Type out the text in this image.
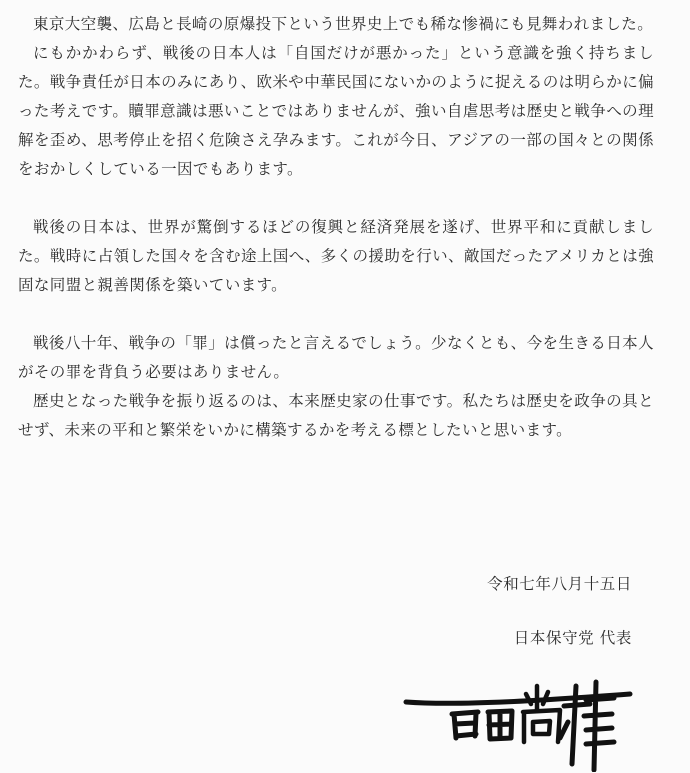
東京大空襲、広島と長崎の原爆投下という世界史上でも稀な惨禍にも見舞われました。

にもかかわらず、戦後の日本人は「自国だけが悪かった」という意識を強く持ちました。戦争責任が日本のみにあり、欧米や中華民国にないかのように捉えるのは明らかに偏った考えです。贖罪意識は悪いことではありませんが、強い自虐思考は歴史と戦争への理解を歪め、思考停止を招く危険さえ孕みます。これが今日、アジアの一部の国々との関係をおかしくしている一因でもあります。

戦後の日本は、世界が驚倒するほどの復興と経済発展を遂げ、世界平和に貢献しました。戦時に占領した国々を含む途上国へ、多くの援助を行い、敵国だったアメリカとは強固な同盟と親善関係を築いています。

戦後八十年、戦争の「罪」は償ったと言えるでしょう。少なくとも、今を生きる日本人がその罪を背負う必要はありません。

歴史となった戦争を振り返るのは、本来歴史家の仕事です。私たちは歴史を政争の具とせず、未来の平和と繁栄をいかに構築するかを考える標としたいと思います。

令和七年八月十五日
日本保守党 代表
